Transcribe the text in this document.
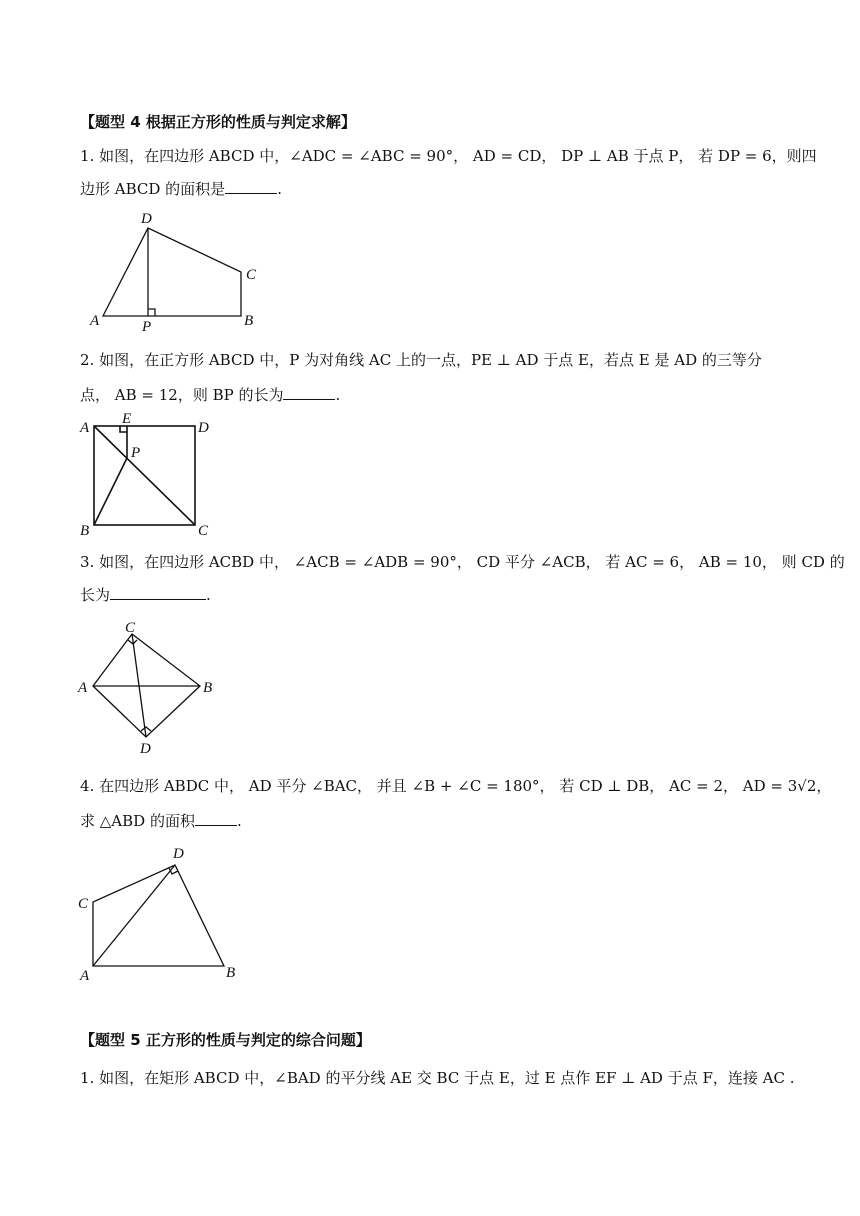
【题型 4 根据正方形的性质与判定求解】
1. 如图，在四边形 ABCD 中，∠ADC = ∠ABC = 90°， AD = CD， DP ⊥ AB 于点 P， 若 DP = 6，则四
边形 ABCD 的面积是	.
D
C
A	P	B
2. 如图，在正方形 ABCD 中，P 为对角线 AC 上的一点，PE ⊥ AD 于点 E，若点 E 是 AD 的三等分
点， AB = 12，则 BP 的长为	.
A
E
D
P
B	C
3. 如图，在四边形 ACBD 中， ∠ACB = ∠ADB = 90°， CD 平分 ∠ACB， 若 AC = 6， AB = 10， 则 CD 的
长为	.
C
A	B
D
4. 在四边形 ABDC 中， AD 平分 ∠BAC， 并且 ∠B + ∠C = 180°， 若 CD ⊥ DB， AC = 2， AD = 3√2，
求 △ABD 的面积	.
D
C
A	B
【题型 5 正方形的性质与判定的综合问题】
1. 如图，在矩形 ABCD 中，∠BAD 的平分线 AE 交 BC 于点 E，过 E 点作 EF ⊥ AD 于点 F，连接 AC .
